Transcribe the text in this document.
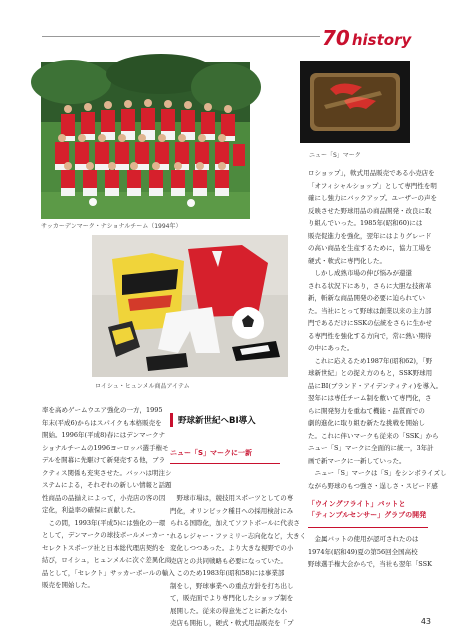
70 history
サッカーデンマーク・ナショナルチーム（1994年）
ニュー「S」マーク
ロイシュ・ヒュンメル商品アイテム

率を高めゲームウエア強化の一方，1995

年末(平成6)からはスパイクも本格販売を

開始。1996年(平成8)春にはデンマークナ

ショナルチームの1996ヨーロッパ選手権モ

デルを開幕に先駆けて新発売する他，ブラ

クティス関係も充実させた。バッハは明注シ

ステムによる，それぞれの新しい情報と話題

性商品の品揃えによって，小売店の客の因

定化，利益率の確保に貢献した。

　この間，1993年(平成5)には強化の一環

として，デンマークの球技ボールメーカー・

セレクトスポーツ社と日本総代理店契約を

結び，ロイシュ，ヒュンメルに次ぐ差異化商

品として，「セレクト」サッカーボールの輸入

販売を開始した。

野球新世紀へBI導入
ニュー「S」マークに一新

　野球市場は，競技用スポーツとしての専

門化，オリンピック種目への採用検討にみ

られる国際化，加えてソフトボールに代表さ

れるレジャー・ファミリー志向化など，大きく

変化しつつあった。より大きな視野での小

売店との共同戦略も必要になっていた。

　このため1983年(昭和58)には事業部

制をし，野球事業への重点方針を打ち出し

て，販売面でより専門化したショップ制を

展開した。従来の得意先ごとに新たな小

売店も開拓し，硬式・軟式用品販売を「プ

ロショップ」，軟式用品販売である小売店を

「オフィシャルショップ」として専門性を明

確にし強力にバックアップ。ユーザーの声を

反映させた野球用品の商品開発・改良に取

り組んでいった。1985年(昭和60)には

販売促進力を強化，翌年にはよりグレード

の高い商品を生産するために，協力工場を

硬式・軟式に専門化した。

　しかし成熟市場の伸び悩みが還還

される状況下にあり，さらに大胆な技術革

新，斬新な商品開発の必要に迫られてい

た。当社にとって野球は創業以来の主力部

門であるだけにSSKの伝統をさらに生かせ

る専門性を強化する方向で，常に熱い期待

の中にあった。

　これに応えるため1987年(昭和62)，「野

球新世紀」との捉え方のもと，SSK野球用

品にBI(ブランド・アイデンティティ)を導入。

翌年には専任チーム制を敷いて専門化，さ

らに開発努力を重ねて機能・品質面での

劇的進化に取り組む新たな挑戦を開始し

た。これに伴いマークも従来の「SSK」から

ニュー「S」マークに全面的に統一，3年計

画で新マークに一新していった。

　ニュー「S」マークは「S」をシンボライズし

ながら野球のもつ強さ・逞しさ・スピード感

「ウイングフライト」バットと
「ティンプルセンサー」グラブの開発

　金属バットの使用が認可されたのは

1974年(昭和49)夏の第56回全国高校

野球選手権大会からで，当社も翌年「SSK

43
